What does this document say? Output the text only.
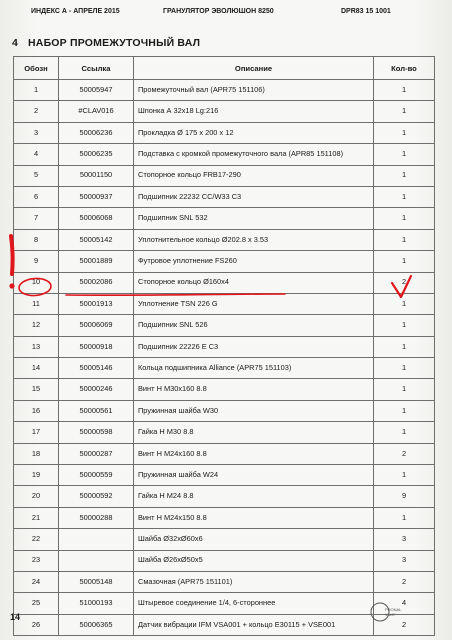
ИНДЕКС А - АПРЕЛЕ 2015	ГРАНУЛЯТОР ЭВОЛЮШОН 8250	DPR83 15 1001
4 НАБОР ПРОМЕЖУТОЧНЫЙ ВАЛ
Обозн	Ссылка	Описание	Кол-во
1	50005947	Промежуточный вал (APR75 151106)	1
2	#CLAV016	Шпонка А 32x18 Lg:216	1
3	50006236	Прокладка Ø 175 x 200 x 12	1
4	50006235	Подставка с кромкой промежуточного вала (APR85 151108)	1
5	50001150	Стопорное кольцо FRB17-290	1
6	50000937	Подшипник 22232 CC/W33 C3	1
7	50006068	Подшипник SNL 532	1
8	50005142	Уплотнительное кольцо Ø202.8 x 3.53	1
9	50001889	Футровое уплотнение FS260	1
10	50002086	Стопорное кольцо Ø160x4	2
11	50001913	Уплотнение TSN 226 G	1
12	50006069	Подшипник SNL 526	1
13	50000918	Подшипник 22226 E C3	1
14	50005146	Кольца подшипника Alliance (APR75 151103)	1
15	50000246	Винт H M30x160 8.8	1
16	50000561	Пружинная шайба W30	1
17	50000598	Гайка H M30 8.8	1
18	50000287	Винт H M24x160 8.8	2
19	50000559	Пружинная шайба W24	1
20	50000592	Гайка H M24 8.8	9
21	50000288	Винт H M24x150 8.8	1
22		Шайба Ø32xØ60x6	3
23		Шайба Ø26xØ50x5	3
24	50005148	Смазочная (APR75 151101)	2
25	51000193	Штыревое соединение 1/4, 6-стороннее	4
26	50006365	Датчик вибрации IFM VSA001 + кольцо E30115 + VSE001	2
14
PRONAL
VALE
